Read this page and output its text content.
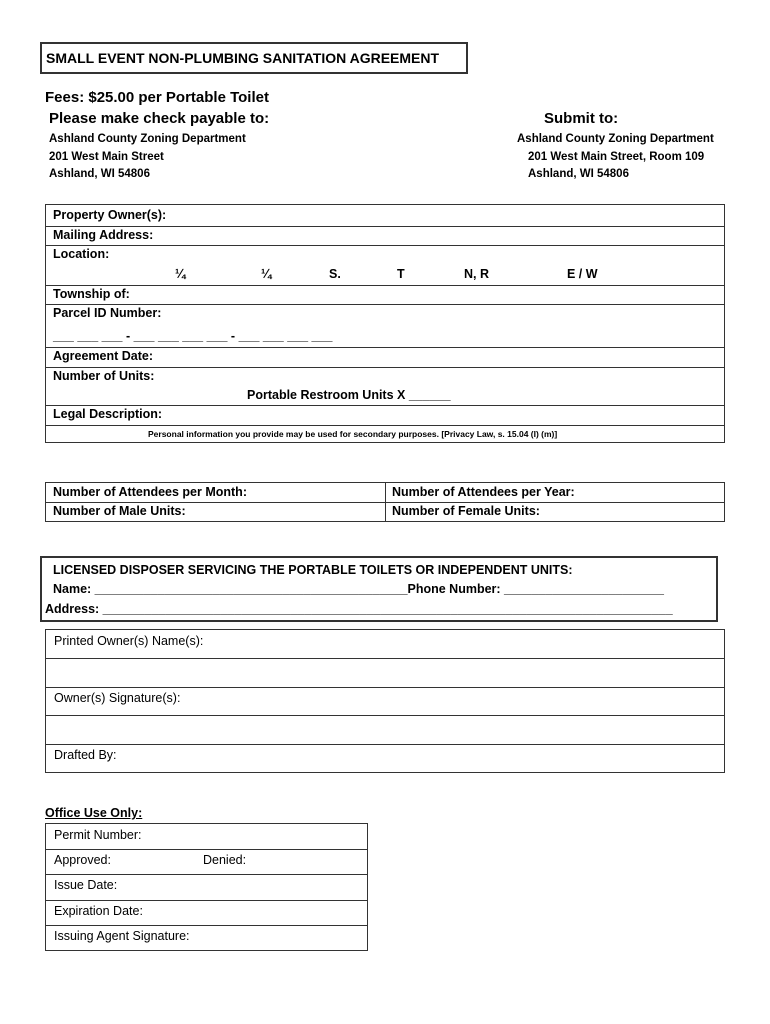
SMALL EVENT NON-PLUMBING SANITATION AGREEMENT
Fees: $25.00 per Portable Toilet
Please make check payable to:
Ashland County Zoning Department
201 West Main Street
Ashland, WI 54806
Submit to:
Ashland County Zoning Department
201 West Main Street, Room 109
Ashland, WI 54806
Property Owner(s):
Mailing Address:
Location:
¼	¼	S.	T	N, R	E / W
Township of:
Parcel ID Number:
___ ___ ___ - ___ ___ ___ ___ - ___ ___ ___ ___
Agreement Date:
Number of Units:
Portable Restroom Units X ______
Legal Description:
Personal information you provide may be used for secondary purposes. [Privacy Law, s. 15.04 (I) (m)]
Number of Attendees per Month:	Number of Attendees per Year:
Number of Male Units:	Number of Female Units:
LICENSED DISPOSER SERVICING THE PORTABLE TOILETS OR INDEPENDENT UNITS:
Name: _____________________________________________Phone Number: _______________________
Address: __________________________________________________________________________________
Printed Owner(s) Name(s):
Owner(s) Signature(s):
Drafted By:
Office Use Only:
Permit Number:
Approved:	Denied:
Issue Date:
Expiration Date:
Issuing Agent Signature:
